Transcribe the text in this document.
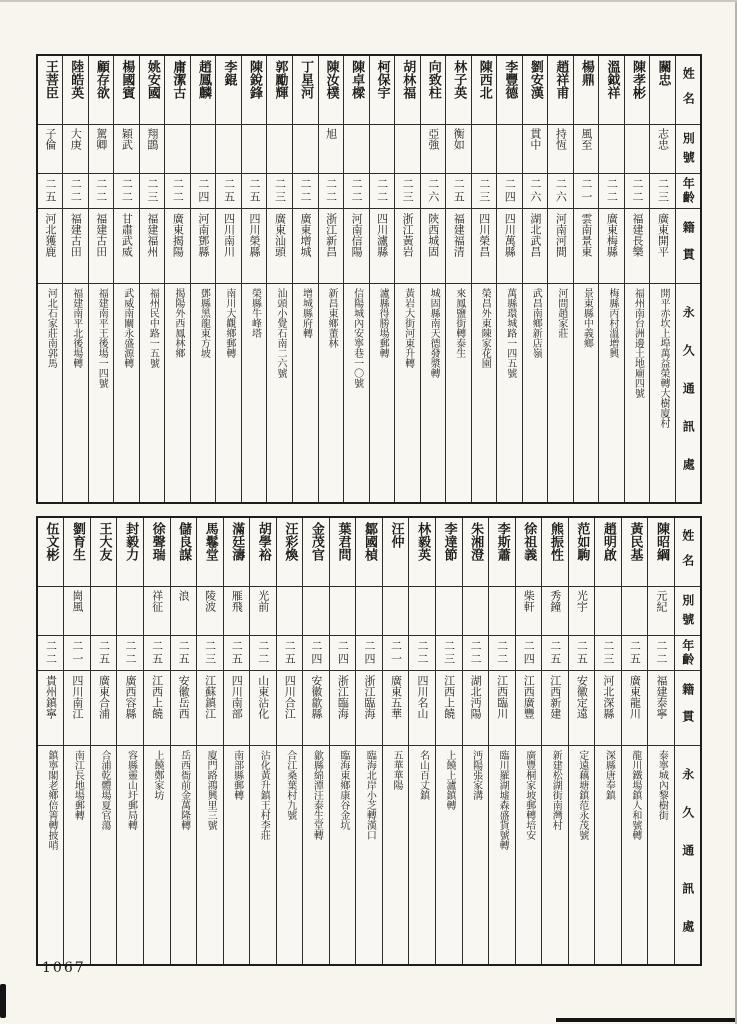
姓名	關忠	陳孝彬	溫鉞祥	楊鼎	趙祥甫	劉安漢	李豐德	陳西北	林子英	向致柱	胡林福	柯保宇	陳卓樑	陳汝樸	丁星河	郭勵輝	陳銳鋒	李錕	趙鳳麟	庸潔古	姚安國	楊國賓	顧存欲	陸皓英	王菩臣
別號	志忠			風至	持恆	貫中			衡如	亞強				旭							翔鵾	穎武	駕卿	大庚	子倫
年齡	二三	二二	二二	二一	二六	二六	二四	二三	二五	二六	二三	二二	二二	二二	二二	二三	二五	二五	二四	二二	二三	二二	二二	二二	二五
籍貫	廣東開平	福建長樂	廣東梅縣	雲南景東	河南河間	湖北武昌	四川萬縣	四川榮昌	福建福清	陝西城固	浙江黃岩	四川瀘縣	河南信陽	浙江新昌	廣東增城	廣東汕頭	四川榮縣	四川南川	河南鄧縣	廣東揭陽	福建福州	甘肅武威	福建古田	福建古田	河北獲鹿
永久通訊處	開平赤坎上埠萬益榮轉大樹廈村	福州南台洲邊土地廟四號	梅縣丙村溫增興	景東縣中義鄉	河間趙家莊	武昌南鄉新店嶺	萬縣環城路一四五號	榮昌外東陳家花園	來鳳鹽街轉泰生	城固縣南天德發漿轉	黃岩大街河東升轉	瀘縣得勝場郵轉	信陽城內安寧巷一〇號	新昌東鄉董林	增城縣府轉	汕頭小覺石南二六號	榮縣牛峰塔	南川大觀鄉郵轉	鄧縣黑龍東方坡	揭陽外西鳳林鄉	福州民中路一五號	武威南關永盛源轉	福建南平王後場一四號	福建南平北後場轉	河北石家莊南郭馬
姓名	陳昭綱	黃民基	趙明啟	范如駒	熊振性	徐祖義	李斯蕭	朱湘澄	李達節	林毅英	汪仲	鄒國楨	葉君問	金茂官	汪彩煥	胡學裕	滿廷濤	馬鬈堂	儲良謀	徐聲瑞	封毅力	王大友	劉育生	伍文彬
別號	元紀			光宇	秀鐘	柴軒										光前	雁飛	陵波	浪	祥征			崗風	
年齡	二二	二五	二三	二五	二五	二四	二二	二二	二三	二二	二一	二四	二四	二四	二五	二二	二五	二三	二五	二五	二二	二五	二一	二二
籍貫	福建泰寧	廣東龍川	河北深縣	安徽定遠	江西新建	江西廣豐	江西臨川	湖北沔陽	江西上饒	四川名山	廣東五華	浙江臨海	浙江臨海	安徽歙縣	四川合江	山東沾化	四川南部	江蘇鎮江	安徽岳西	江西上饒	廣西容縣	廣東合浦	四川南江	貴州鎮寧
永久通訊處	泰寧城內黎樹街	龍川鐵場鎮人和號轉	深縣唐奉鎮	定遠藕塘鎮范永茂號	新建松湖街南灣村	廣豐桐家坡郵轉培安	臨川羅湖墟森盛貨號轉	沔陽張家溝	上饒上瀘鎮轉	名山百丈鎮	五華華陽	臨海北岸小芝轉漢口	臨海東鄉康谷金坑	歙縣綿潭汪泰生堂轉	合江桑葉村九號	沾化黃升鎮王村李莊	南部縣郵轉	廈門路鴻興里三號	岳西衙前金萬隆轉	上饒鄭家坊	容縣靈山圩郵局轉	合浦乾體場夏官蕩	南江長地場郵轉	鎮寧閣老鄉倍箐轉披哨
1067
